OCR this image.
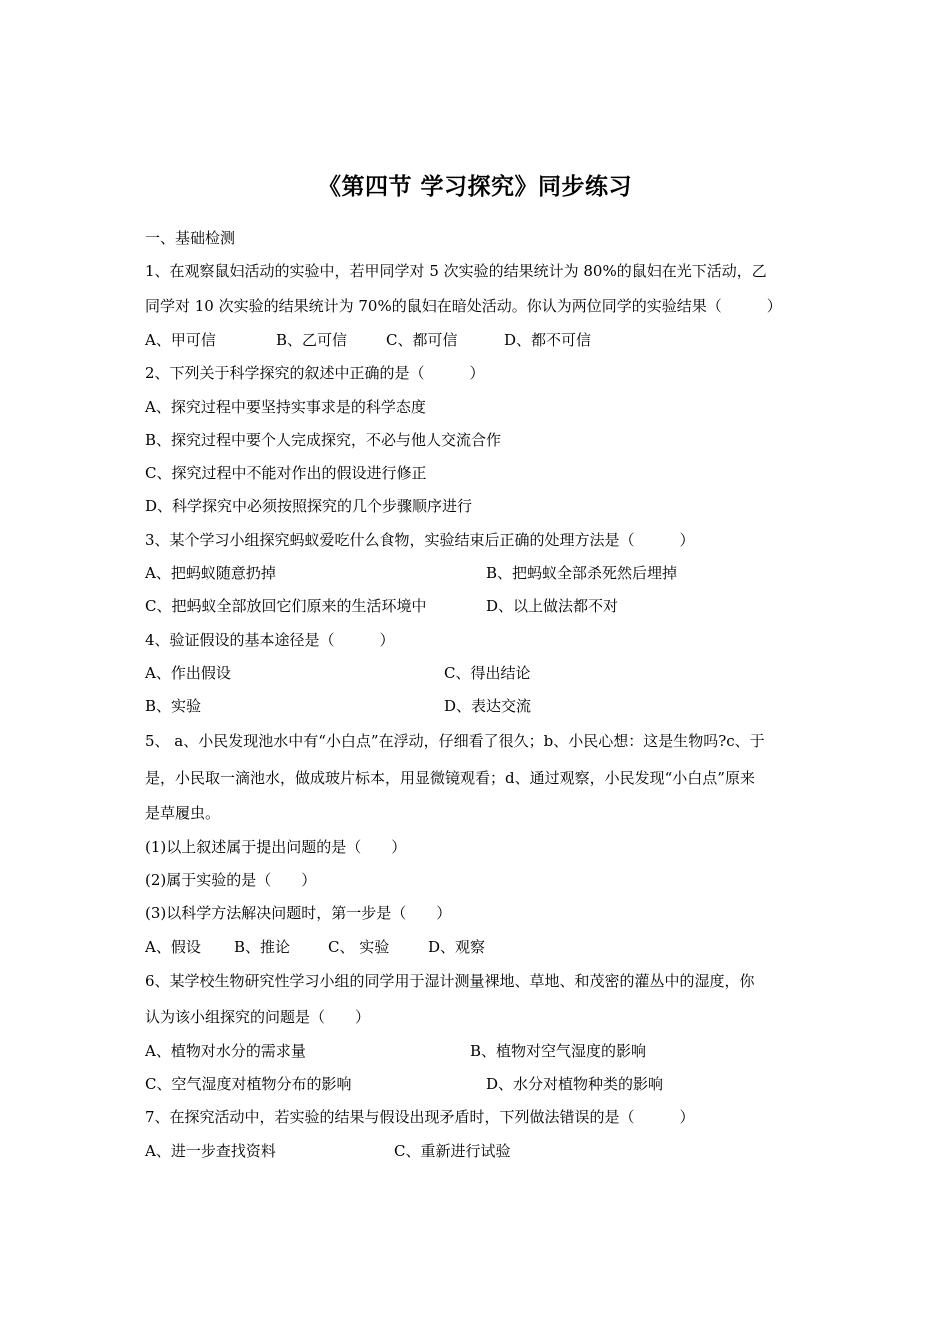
《第四节 学习探究》同步练习
一、基础检测
1、在观察鼠妇活动的实验中，若甲同学对 5 次实验的结果统计为 80%的鼠妇在光下活动，乙
同学对 10 次实验的结果统计为 70%的鼠妇在暗处活动。你认为两位同学的实验结果（　　　）
A、甲可信	B、乙可信	C、都可信	D、都不可信
2、下列关于科学探究的叙述中正确的是（　　　）
A、探究过程中要坚持实事求是的科学态度
B、探究过程中要个人完成探究，不必与他人交流合作
C、探究过程中不能对作出的假设进行修正
D、科学探究中必须按照探究的几个步骤顺序进行
3、某个学习小组探究蚂蚁爱吃什么食物，实验结束后正确的处理方法是（　　　）
A、把蚂蚁随意扔掉	B、把蚂蚁全部杀死然后埋掉
C、把蚂蚁全部放回它们原来的生活环境中	D、以上做法都不对
4、验证假设的基本途径是（　　　）
A、作出假设	C、得出结论
B、实验	D、表达交流
5、 a、小民发现池水中有“小白点”在浮动，仔细看了很久；b、小民心想：这是生物吗?c、于
是，小民取一滴池水，做成玻片标本，用显微镜观看；d、通过观察，小民发现“小白点”原来
是草履虫。
(1)以上叙述属于提出问题的是（　　）
(2)属于实验的是（　　）
(3)以科学方法解决问题时，第一步是（　　）
A、假设 B、推论	C、 实验	D、观察
6、某学校生物研究性学习小组的同学用于湿计测量裸地、草地、和茂密的灌丛中的湿度，你
认为该小组探究的问题是（　　）
A、植物对水分的需求量	B、植物对空气湿度的影响
C、空气湿度对植物分布的影响	D、水分对植物种类的影响
7、在探究活动中，若实验的结果与假设出现矛盾时，下列做法错误的是（　　　）
A、进一步查找资料	C、重新进行试验
